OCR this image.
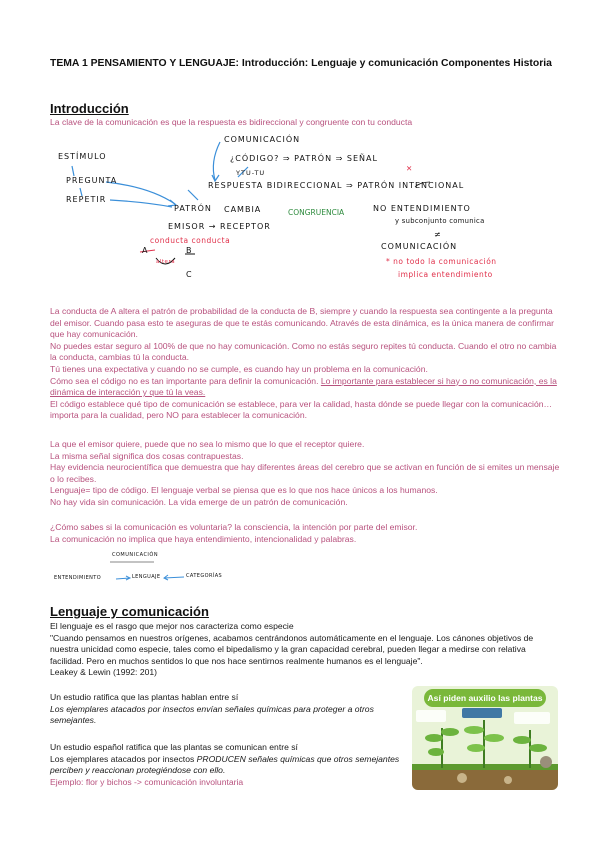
TEMA 1 PENSAMIENTO Y LENGUAJE: Introducción: Lenguaje y comunicación Componentes Historia
Introducción
La clave de la comunicación es que la respuesta es bidireccional y congruente con tu conducta
COMUNICACIÓN
¿CÓDIGO? ⇒ PATRÓN ⇒ SEÑAL
✕
YTU-TU
ESTÍMULO
PREGUNTA
REPETIR
RESPUESTA BIDIRECCIONAL ⇒ PATRÓN INTENCIONAL
PATRÓN CAMBIA	CONGRUENCIA
EMISOR → RECEPTOR
conducta conducta
A	B
altera
C
NO ENTENDIMIENTO
y subconjunto comunica
≠
COMUNICACIÓN
* no todo la comunicación
implica entendimiento
La conducta de A altera el patrón de probabilidad de la conducta de B, siempre y cuando la respuesta sea contingente a la pregunta del emisor. Cuando pasa esto te aseguras de que te estás comunicando. Através de esta dinámica, es la única manera de confirmar que hay comunicación.
No puedes estar seguro al 100% de que no hay comunicación. Como no estás seguro repites tú conducta. Cuando el otro no cambia la conducta, cambias tú la conducta.
Tú tienes una expectativa y cuando no se cumple, es cuando hay un problema en la comunicación.
Cómo sea el código no es tan importante para definir la comunicación. Lo importante para establecer si hay o no comunicación, es la dinámica de interacción y que tú la veas.
El código establece qué tipo de comunicación se establece, para ver la calidad, hasta dónde se puede llegar con la comunicación… importa para la cualidad, pero NO para establecer la comunicación.
La que el emisor quiere, puede que no sea lo mismo que lo que el receptor quiere.
La misma señal significa dos cosas contrapuestas.
Hay evidencia neurocientífica que demuestra que hay diferentes áreas del cerebro que se activan en función de si emites un mensaje o lo recibes.
Lenguaje= tipo de código. El lenguaje verbal se piensa que es lo que nos hace únicos a los humanos.
No hay vida sin comunicación. La vida emerge de un patrón de comunicación.
¿Cómo sabes si la comunicación es voluntaria? la consciencia, la intención por parte del emisor.
La comunicación no implica que haya entendimiento, intencionalidad y palabras.
COMUNICACIÓN
ENTENDIMIENTO	LENGUAJE	CATEGORÍAS
Lenguaje y comunicación
El lenguaje es el rasgo que mejor nos caracteriza como especie
"Cuando pensamos en nuestros orígenes, acabamos centrándonos automáticamente en el lenguaje. Los cánones objetivos de nuestra unicidad como especie, tales como el bipedalismo y la gran capacidad cerebral, pueden llegar a medirse con relativa facilidad. Pero en muchos sentidos lo que nos hace sentirnos realmente humanos es el lenguaje".
Leakey & Lewin (1992: 201)
Un estudio ratifica que las plantas hablan entre sí
Los ejemplares atacados por insectos envían señales químicas para proteger a otros semejantes.
Un estudio español ratifica que las plantas se comunican entre sí
Los ejemplares atacados por insectos PRODUCEN señales químicas que otros semejantes perciben y reaccionan protegiéndose con ello.
Ejemplo: flor y bichos -> comunicación involuntaria
Así piden auxilio las plantas
